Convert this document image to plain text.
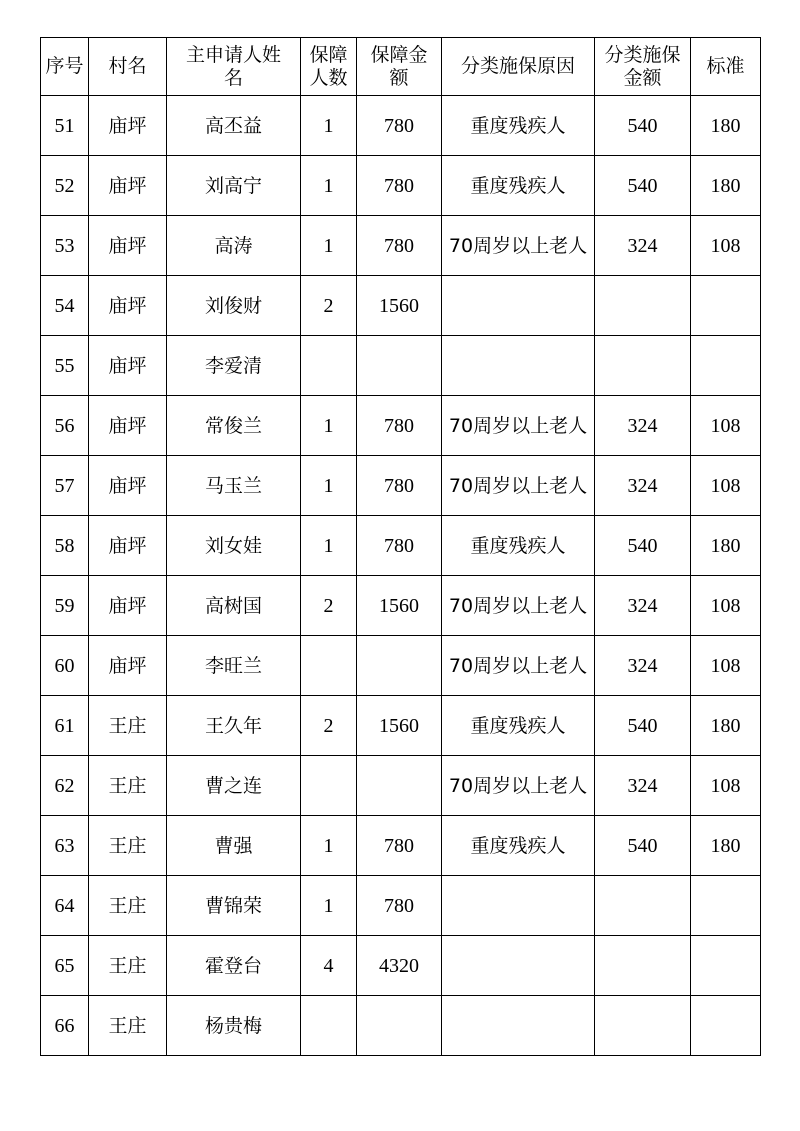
序号	村名	主申请人姓名	保障人数	保障金额	分类施保原因	分类施保金额	标准
51	庙坪	高丕益	1	780	重度残疾人	540	180
52	庙坪	刘高宁	1	780	重度残疾人	540	180
53	庙坪	高涛	1	780	70周岁以上老人	324	108
54	庙坪	刘俊财	2	1560			
55	庙坪	李爱清					
56	庙坪	常俊兰	1	780	70周岁以上老人	324	108
57	庙坪	马玉兰	1	780	70周岁以上老人	324	108
58	庙坪	刘女娃	1	780	重度残疾人	540	180
59	庙坪	高树国	2	1560	70周岁以上老人	324	108
60	庙坪	李旺兰			70周岁以上老人	324	108
61	王庄	王久年	2	1560	重度残疾人	540	180
62	王庄	曹之连			70周岁以上老人	324	108
63	王庄	曹强	1	780	重度残疾人	540	180
64	王庄	曹锦荣	1	780			
65	王庄	霍登台	4	4320			
66	王庄	杨贵梅					
